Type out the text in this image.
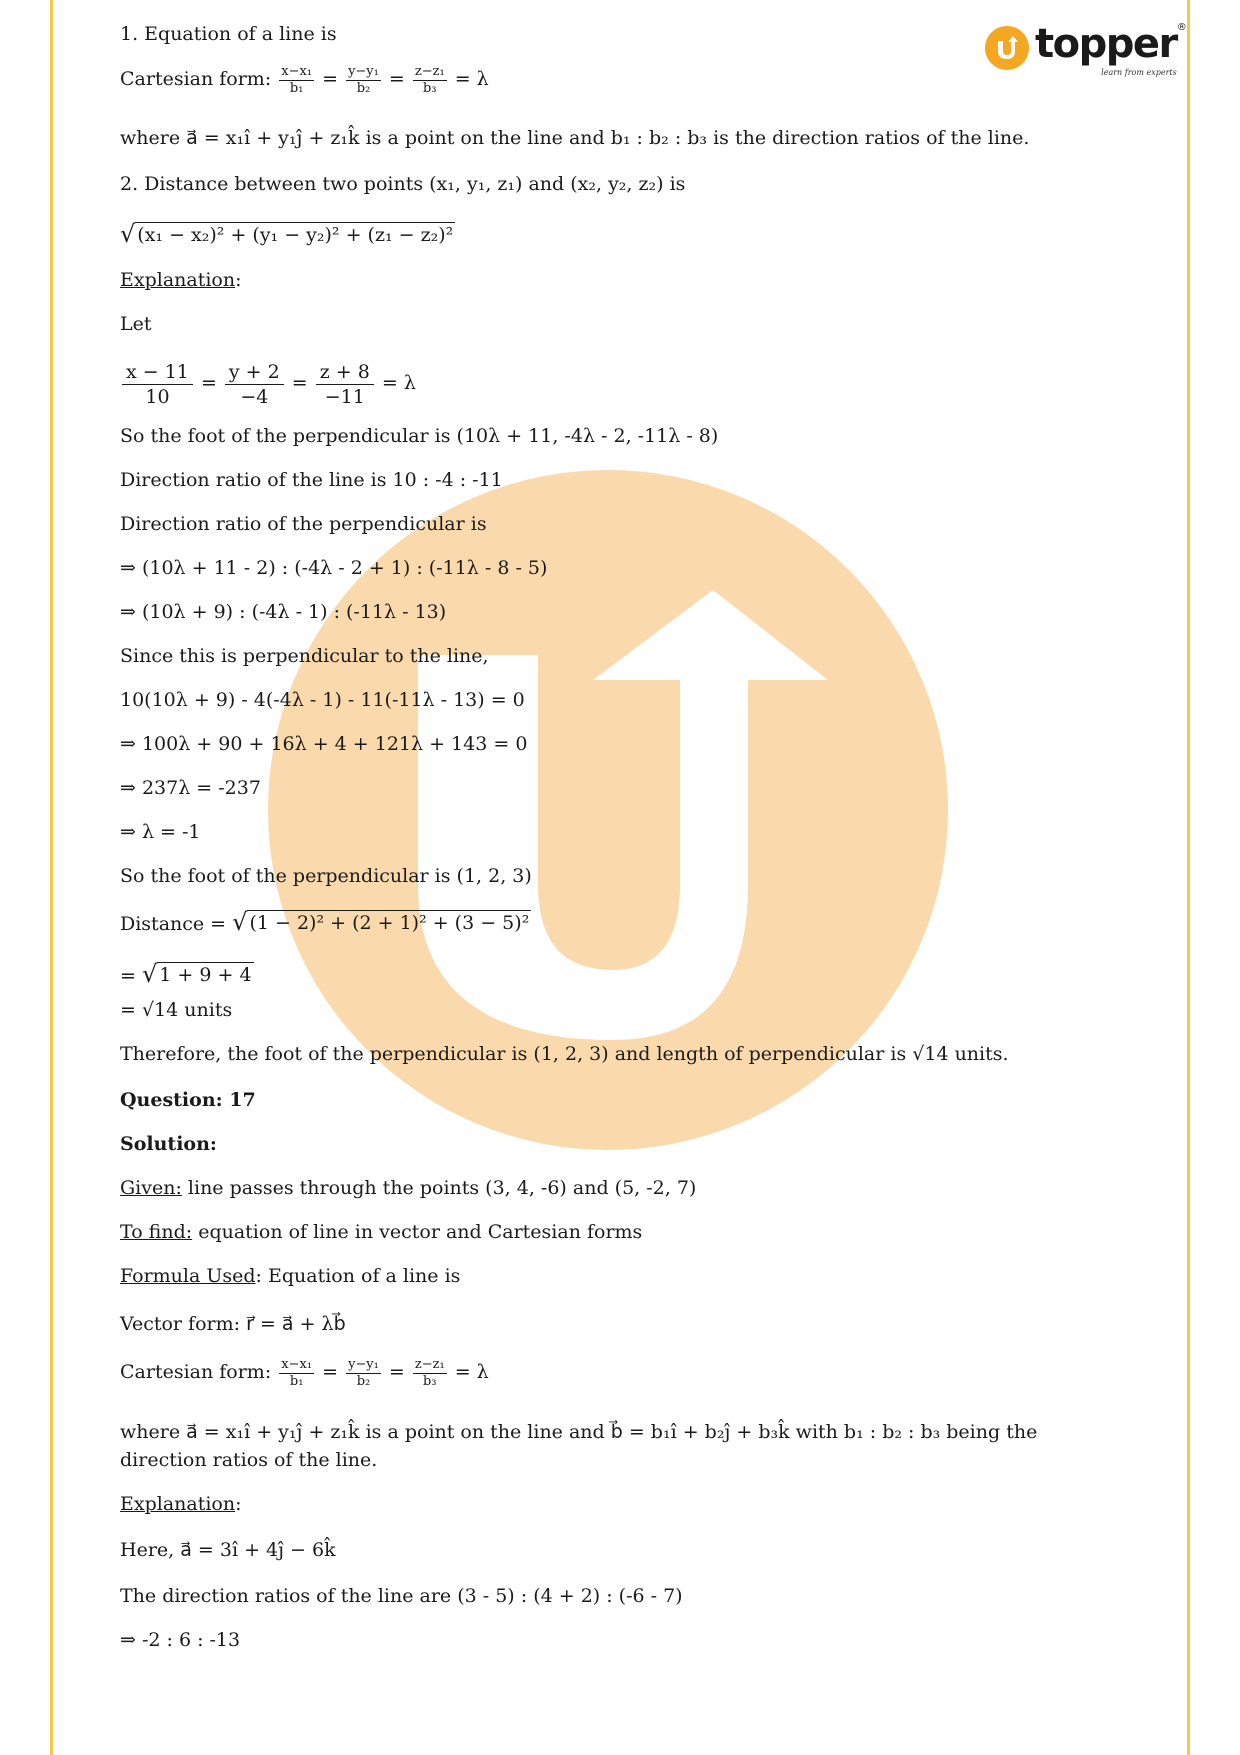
topper
learn from experts
®
1. Equation of a line is
Cartesian form: $\frac{\text{x−x₁}}{\text{b₁}} = \frac{\text{y−y₁}}{\text{b₂}} = \frac{\text{z−z₁}}{\text{b₃}} = \lambda$
where a⃗ = x₁î + y₁ĵ + z₁k̂ is a point on the line and b₁ : b₂ : b₃ is the direction ratios of the line.
2. Distance between two points (x₁, y₁, z₁) and (x₂, y₂, z₂) is
√ (x₁ − x₂)² + (y₁ − y₂)² + (z₁ − z₂)²
Explanation:
Let
$\frac{x - 11}{10} = \frac{y + 2}{-4} = \frac{z + 8}{-11} = \lambda$
So the foot of the perpendicular is (10λ + 11, -4λ - 2, -11λ - 8)
Direction ratio of the line is 10 : -4 : -11
Direction ratio of the perpendicular is
⇒ (10λ + 11 - 2) : (-4λ - 2 + 1) : (-11λ - 8 - 5)
⇒ (10λ + 9) : (-4λ - 1) : (-11λ - 13)
Since this is perpendicular to the line,
10(10λ + 9) - 4(-4λ - 1) - 11(-11λ - 13) = 0
⇒ 100λ + 90 + 16λ + 4 + 121λ + 143 = 0
⇒ 237λ = -237
⇒ λ = -1
So the foot of the perpendicular is (1, 2, 3)
Distance = √ (1 − 2)² + (2 + 1)² + (3 − 5)²
= √ 1 + 9 + 4
= √14 units
Therefore, the foot of the perpendicular is (1, 2, 3) and length of perpendicular is √14 units.
Question: 17
Solution:
Given: line passes through the points (3, 4, -6) and (5, -2, 7)
To find: equation of line in vector and Cartesian forms
Formula Used: Equation of a line is
Vector form: r⃗ = a⃗ + λb⃗
Cartesian form: $\frac{\text{x−x₁}}{\text{b₁}} = \frac{\text{y−y₁}}{\text{b₂}} = \frac{\text{z−z₁}}{\text{b₃}} = \lambda$
where a⃗ = x₁î + y₁ĵ + z₁k̂ is a point on the line and b⃗ = b₁î + b₂ĵ + b₃k̂ with b₁ : b₂ : b₃ being the
direction ratios of the line.
Explanation:
Here, a⃗ = 3î + 4ĵ − 6k̂
The direction ratios of the line are (3 - 5) : (4 + 2) : (-6 - 7)
⇒ -2 : 6 : -13
